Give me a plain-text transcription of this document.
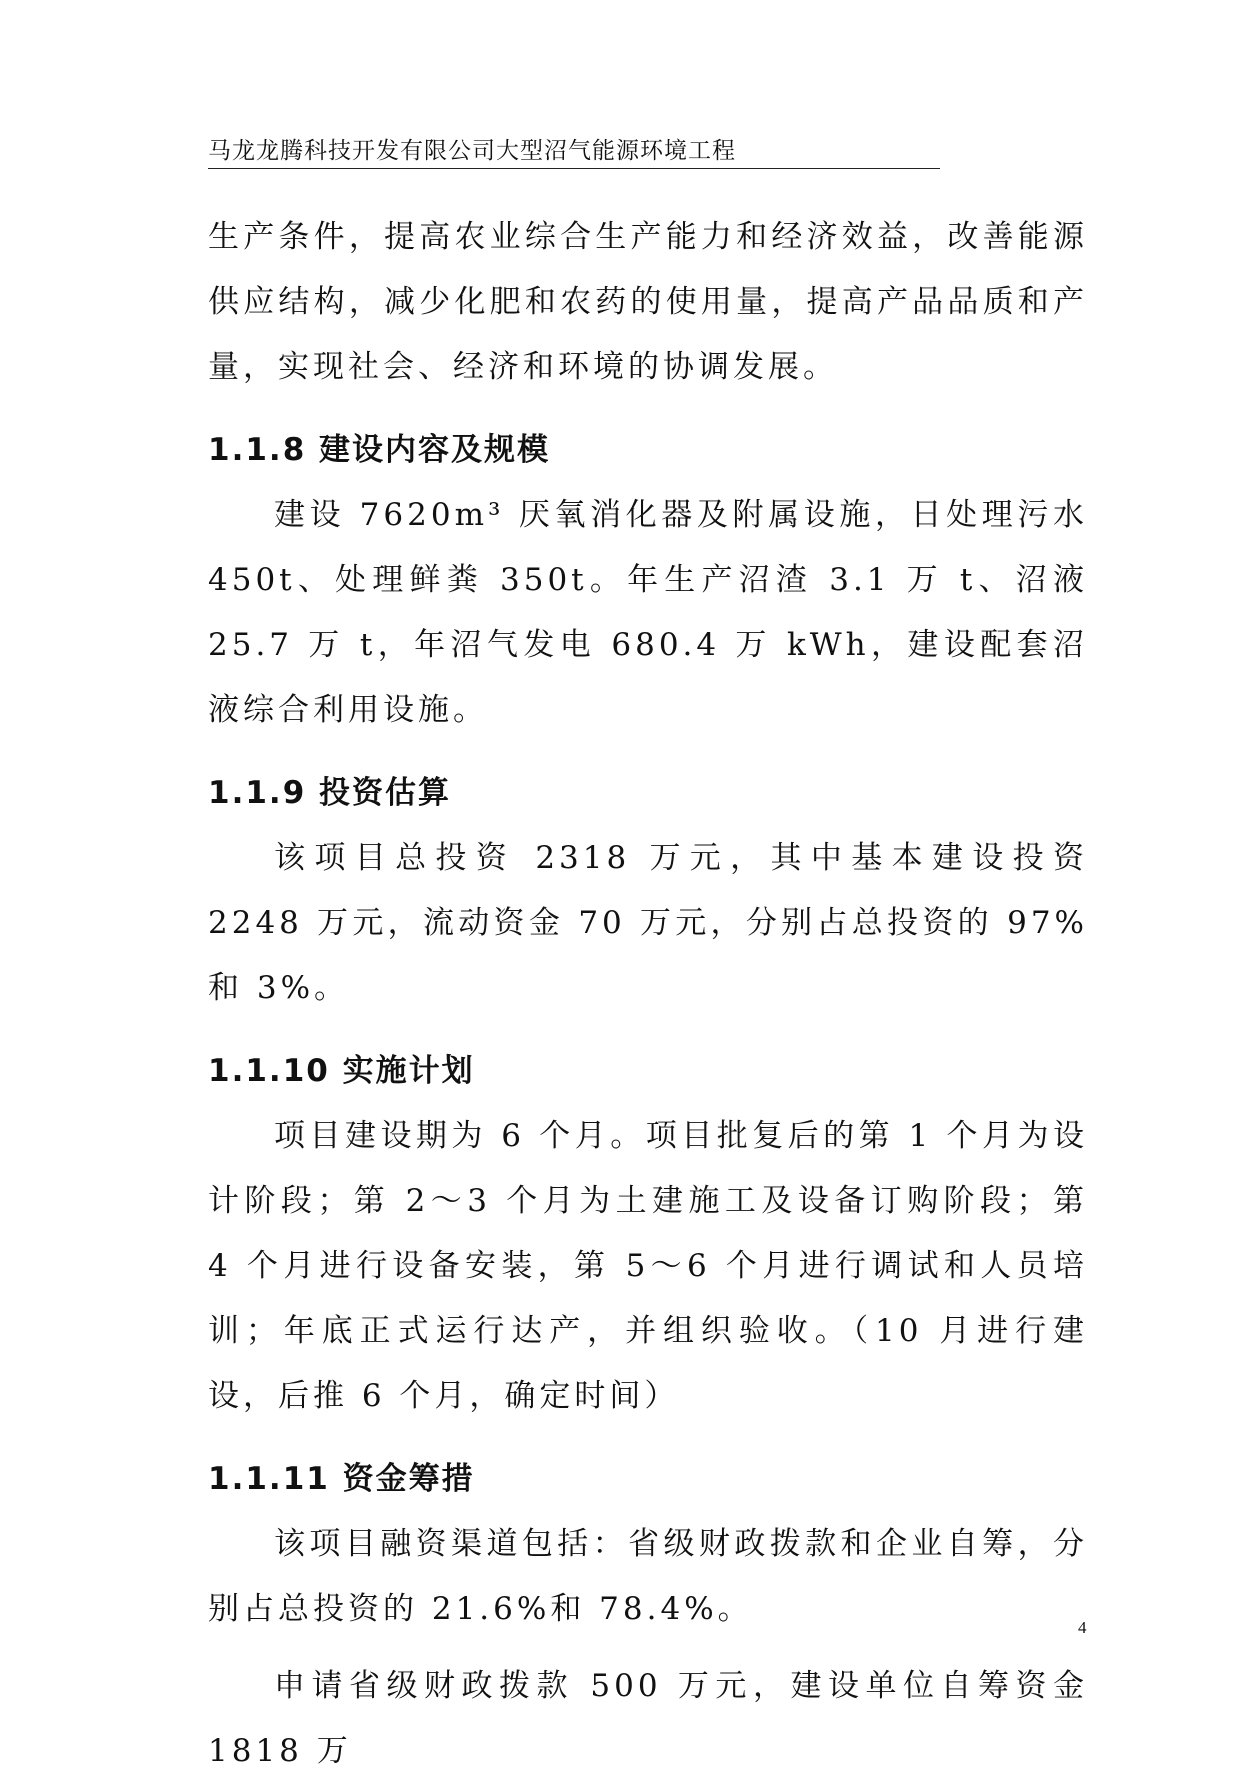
马龙龙腾科技开发有限公司大型沼气能源环境工程

生产条件，提高农业综合生产能力和经济效益，改善能源供应结构，减少化肥和农药的使用量，提高产品品质和产量，实现社会、经济和环境的协调发展。

1.1.8 建设内容及规模

建设 7620m³ 厌氧消化器及附属设施，日处理污水 450t、处理鲜粪 350t。年生产沼渣 3.1 万 t、沼液 25.7 万 t，年沼气发电 680.4 万 kWh，建设配套沼液综合利用设施。

1.1.9 投资估算

该项目总投资 2318 万元，其中基本建设投资 2248 万元，流动资金 70 万元，分别占总投资的 97%和 3%。

1.1.10 实施计划

项目建设期为 6 个月。项目批复后的第 1 个月为设计阶段；第 2～3 个月为土建施工及设备订购阶段；第 4 个月进行设备安装，第 5～6 个月进行调试和人员培训；年底正式运行达产，并组织验收。（10 月进行建设，后推 6 个月，确定时间）

1.1.11 资金筹措

该项目融资渠道包括：省级财政拨款和企业自筹，分别占总投资的 21.6%和 78.4%。

申请省级财政拨款 500 万元，建设单位自筹资金 1818 万

4
